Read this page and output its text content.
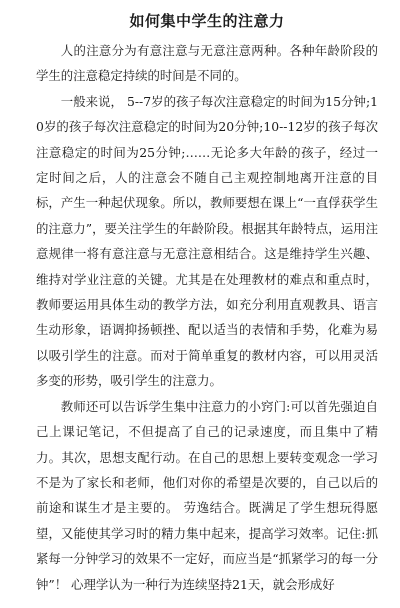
如何集中学生的注意力

人的注意分为有意注意与无意注意两种。各种年龄阶段的学生的注意稳定持续的时间是不同的。

一般来说， 5--7岁的孩子每次注意稳定的时间为15分钟;10岁的孩子每次注意稳定的时间为20分钟;10--12岁的孩子每次注意稳定的时间为25分钟;……无论多大年龄的孩子，经过一定时间之后，人的注意会不随自己主观控制地离开注意的目标，产生一种起伏现象。所以，教师要想在课上“一直俘获学生的注意力”，要关注学生的年龄阶段。根据其年龄特点，运用注意规律一将有意注意与无意注意相结合。这是维持学生兴趣、维持对学业注意的关键。尤其是在处理教材的难点和重点时，教师要运用具体生动的教学方法，如充分利用直观教具、语言生动形象，语调抑扬顿挫、配以适当的表情和手势，化难为易以吸引学生的注意。而对于简单重复的教材内容，可以用灵活多变的形势，吸引学生的注意力。

教师还可以告诉学生集中注意力的小窍门:可以首先强迫自己上课记笔记，不但提高了自己的记录速度，而且集中了精力。其次，思想支配行动。在自己的思想上要转变观念一学习不是为了家长和老师，他们对你的希望是次要的，自己以后的前途和谋生才是主要的。 劳逸结合。既满足了学生想玩得愿望，又能使其学习时的精力集中起来，提高学习效率。记住:抓紧每一分钟学习的效果不一定好，而应当是“抓紧学习的每一分钟”！ 心理学认为一种行为连续坚持21天，就会形成好
